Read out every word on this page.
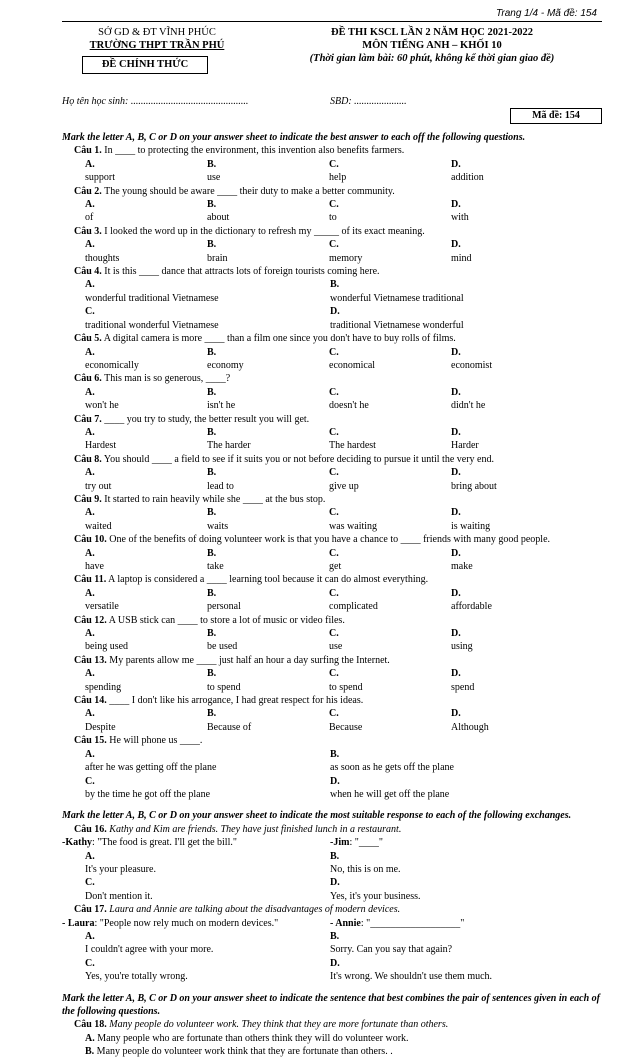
Trang 1/4 - Mã đề: 154
SỞ GD & ĐT VĨNH PHÚC
TRƯỜNG THPT TRẦN PHÚ
ĐỀ CHÍNH THỨC
ĐỀ THI KSCL LẦN 2 NĂM HỌC 2021-2022
MÔN TIẾNG ANH – KHỐI 10
(Thời gian làm bài: 60 phút, không kể thời gian giao đề)
Họ tên học sinh: ...............................................	SBD: .....................
Mã đề: 154
Mark the letter A, B, C or D on your answer sheet to indicate the best answer to each off the following questions.
Câu 1. In ____ to protecting the environment, this invention also benefits farmers.
A. support
B. use
C. help
D. addition
Câu 2. The young should be aware ____ their duty to make a better community.
A. of
B. about
C. to
D. with
Câu 3. I looked the word up in the dictionary to refresh my _____ of its exact meaning.
A. thoughts
B. brain
C. memory
D. mind
Câu 4. It is this ____ dance that attracts lots of foreign tourists coming here.
A. wonderful traditional Vietnamese
B. wonderful Vietnamese traditional
C. traditional wonderful Vietnamese
D. traditional Vietnamese wonderful
Câu 5. A digital camera is more ____ than a film one since you don't have to buy rolls of films.
A. economically
B. economy
C. economical
D. economist
Câu 6. This man is so generous, ____?
A. won't he
B. isn't he
C. doesn't he
D. didn't he
Câu 7. ____ you try to study, the better result you will get.
A. Hardest
B. The harder
C. The hardest
D. Harder
Câu 8. You should ____ a field to see if it suits you or not before deciding to pursue it until the very end.
A. try out
B. lead to
C. give up
D. bring about
Câu 9. It started to rain heavily while she ____ at the bus stop.
A. waited
B. waits
C. was waiting
D. is waiting
Câu 10. One of the benefits of doing volunteer work is that you have a chance to ____ friends with many good people.
A. have
B. take
C. get
D. make
Câu 11. A laptop is considered a ____ learning tool because it can do almost everything.
A. versatile
B. personal
C. complicated
D. affordable
Câu 12. A USB stick can ____ to store a lot of music or video files.
A. being used
B. be used
C. use
D. using
Câu 13. My parents allow me ____ just half an hour a day surfing the Internet.
A. spending
B. to spend
C. to spend
D. spend
Câu 14. ____ I don't like his arrogance, I had great respect for his ideas.
A. Despite
B. Because of
C. Because
D. Although
Câu 15. He will phone us ____.
A. after he was getting off the plane
B. as soon as he gets off the plane
C. by the time he got off the plane
D. when he will get off the plane
Mark the letter A, B, C or D on your answer sheet to indicate the most suitable response to each of the following exchanges.
Câu 16. Kathy and Kim are friends. They have just finished lunch in a restaurant.
-Kathy: "The food is great. I'll get the bill."	-Jim: "____"
A. It's your pleasure.
B. No, this is on me.
C. Don't mention it.
D. Yes, it's your business.
Câu 17. Laura and Annie are talking about the disadvantages of modern devices.
- Laura: "People now rely much on modern devices."	- Annie: "__________________"
A. I couldn't agree with your more.
B. Sorry. Can you say that again?
C. Yes, you're totally wrong.
D. It's wrong. We shouldn't use them much.
Mark the letter A, B, C or D on your answer sheet to indicate the sentence that best combines the pair of sentences given in each of the following questions.
Câu 18. Many people do volunteer work. They think that they are more fortunate than others.
A. Many people who are fortunate than others think they will do volunteer work.
B. Many people do volunteer work think that they are fortunate than others. .
